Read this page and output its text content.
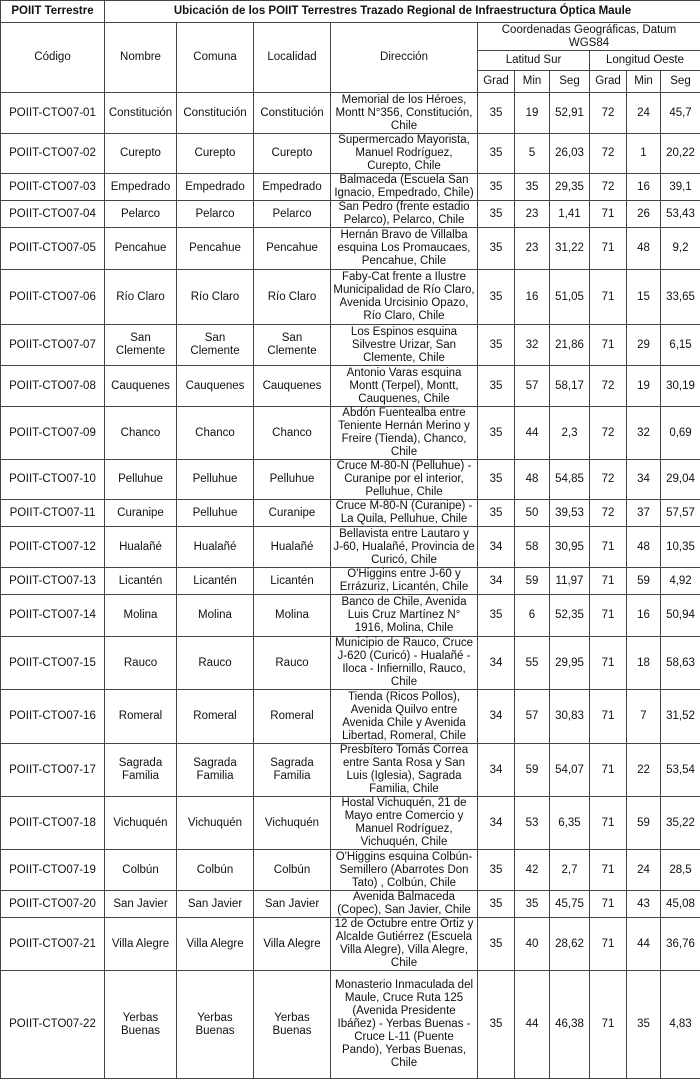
POIIT Terrestre	Ubicación de los POIIT Terrestres Trazado Regional de Infraestructura Óptica Maule									
Código	Nombre	Comuna	Localidad	Dirección	Coordenadas Geográficas, Datum WGS84					
					Latitud Sur			Longitud Oeste		
					Grad	Min	Seg	Grad	Min	Seg
POIIT-CTO07-01	Constitución	Constitución	Constitución	Memorial de los Héroes, Montt N°356, Constitución, Chile	35	19	52,91	72	24	45,7
POIIT-CTO07-02	Curepto	Curepto	Curepto	Supermercado Mayorista, Manuel Rodríguez, Curepto, Chile	35	5	26,03	72	1	20,22
POIIT-CTO07-03	Empedrado	Empedrado	Empedrado	Balmaceda (Escuela San Ignacio, Empedrado, Chile)	35	35	29,35	72	16	39,1
POIIT-CTO07-04	Pelarco	Pelarco	Pelarco	San Pedro (frente estadio Pelarco), Pelarco, Chile	35	23	1,41	71	26	53,43
POIIT-CTO07-05	Pencahue	Pencahue	Pencahue	Hernán Bravo de Villalba esquina Los Promaucaes, Pencahue, Chile	35	23	31,22	71	48	9,2
POIIT-CTO07-06	Río Claro	Río Claro	Río Claro	Faby-Cat frente a Ilustre Municipalidad de Río Claro, Avenida Urcisinio Opazo, Río Claro, Chile	35	16	51,05	71	15	33,65
POIIT-CTO07-07	San Clemente	San Clemente	San Clemente	Los Espinos esquina Silvestre Urizar, San Clemente, Chile	35	32	21,86	71	29	6,15
POIIT-CTO07-08	Cauquenes	Cauquenes	Cauquenes	Antonio Varas esquina Montt (Terpel), Montt, Cauquenes, Chile	35	57	58,17	72	19	30,19
POIIT-CTO07-09	Chanco	Chanco	Chanco	Abdón Fuentealba entre Teniente Hernán Merino y Freire (Tienda), Chanco, Chile	35	44	2,3	72	32	0,69
POIIT-CTO07-10	Pelluhue	Pelluhue	Pelluhue	Cruce M-80-N (Pelluhue) - Curanipe por el interior, Pelluhue, Chile	35	48	54,85	72	34	29,04
POIIT-CTO07-11	Curanipe	Pelluhue	Curanipe	Cruce M-80-N (Curanipe) - La Quila, Pelluhue, Chile	35	50	39,53	72	37	57,57
POIIT-CTO07-12	Hualañé	Hualañé	Hualañé	Bellavista entre Lautaro y J-60, Hualañé, Provincia de Curicó, Chile	34	58	30,95	71	48	10,35
POIIT-CTO07-13	Licantén	Licantén	Licantén	O'Higgins entre J-60 y Errázuriz, Licantén, Chile	34	59	11,97	71	59	4,92
POIIT-CTO07-14	Molina	Molina	Molina	Banco de Chile, Avenida Luis Cruz Martínez N° 1916, Molina, Chile	35	6	52,35	71	16	50,94
POIIT-CTO07-15	Rauco	Rauco	Rauco	Municipio de Rauco, Cruce J-620 (Curicó) - Hualañé - Iloca - Infiernillo, Rauco, Chile	34	55	29,95	71	18	58,63
POIIT-CTO07-16	Romeral	Romeral	Romeral	Tienda (Ricos Pollos), Avenida Quilvo entre Avenida Chile y Avenida Libertad, Romeral, Chile	34	57	30,83	71	7	31,52
POIIT-CTO07-17	Sagrada Familia	Sagrada Familia	Sagrada Familia	Presbítero Tomás Correa entre Santa Rosa y San Luis (Iglesia), Sagrada Familia, Chile	34	59	54,07	71	22	53,54
POIIT-CTO07-18	Vichuquén	Vichuquén	Vichuquén	Hostal Vichuquén, 21 de Mayo entre Comercio y Manuel Rodríguez, Vichuquén, Chile	34	53	6,35	71	59	35,22
POIIT-CTO07-19	Colbún	Colbún	Colbún	O'Higgins esquina Colbún-Semillero (Abarrotes Don Tato) , Colbún, Chile	35	42	2,7	71	24	28,5
POIIT-CTO07-20	San Javier	San Javier	San Javier	Avenida Balmaceda (Copec), San Javier, Chile	35	35	45,75	71	43	45,08
POIIT-CTO07-21	Villa Alegre	Villa Alegre	Villa Alegre	12 de Octubre entre Ortiz y Alcalde Gutiérrez (Escuela Villa Alegre), Villa Alegre, Chile	35	40	28,62	71	44	36,76
POIIT-CTO07-22	Yerbas Buenas	Yerbas Buenas	Yerbas Buenas	Monasterio Inmaculada del Maule, Cruce Ruta 125 (Avenida Presidente Ibáñez) - Yerbas Buenas - Cruce L-11 (Puente Pando), Yerbas Buenas, Chile	35	44	46,38	71	35	4,83
